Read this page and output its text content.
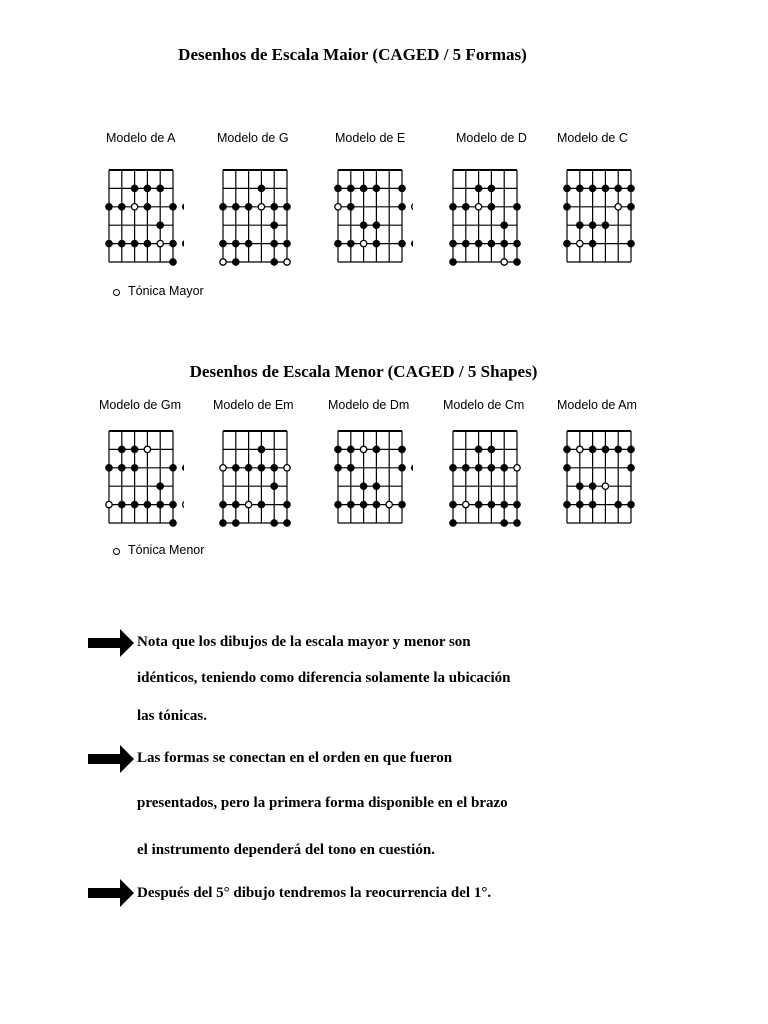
Desenhos de Escala Maior (CAGED / 5 Formas)
Modelo de A	Modelo de G	Modelo de E	Modelo de D Modelo de C
Tónica Mayor
Desenhos de Escala Menor (CAGED / 5 Shapes)
Modelo de Gm	Modelo de Em	Modelo de Dm	Modelo de Cm	Modelo de Am
Tónica Menor
Nota que los dibujos de la escala mayor y menor son
idénticos, teniendo como diferencia solamente la ubicación
las tónicas.
Las formas se conectan en el orden en que fueron
presentados, pero la primera forma disponible en el brazo
el instrumento dependerá del tono en cuestión.
Después del 5° dibujo tendremos la reocurrencia del 1°.
